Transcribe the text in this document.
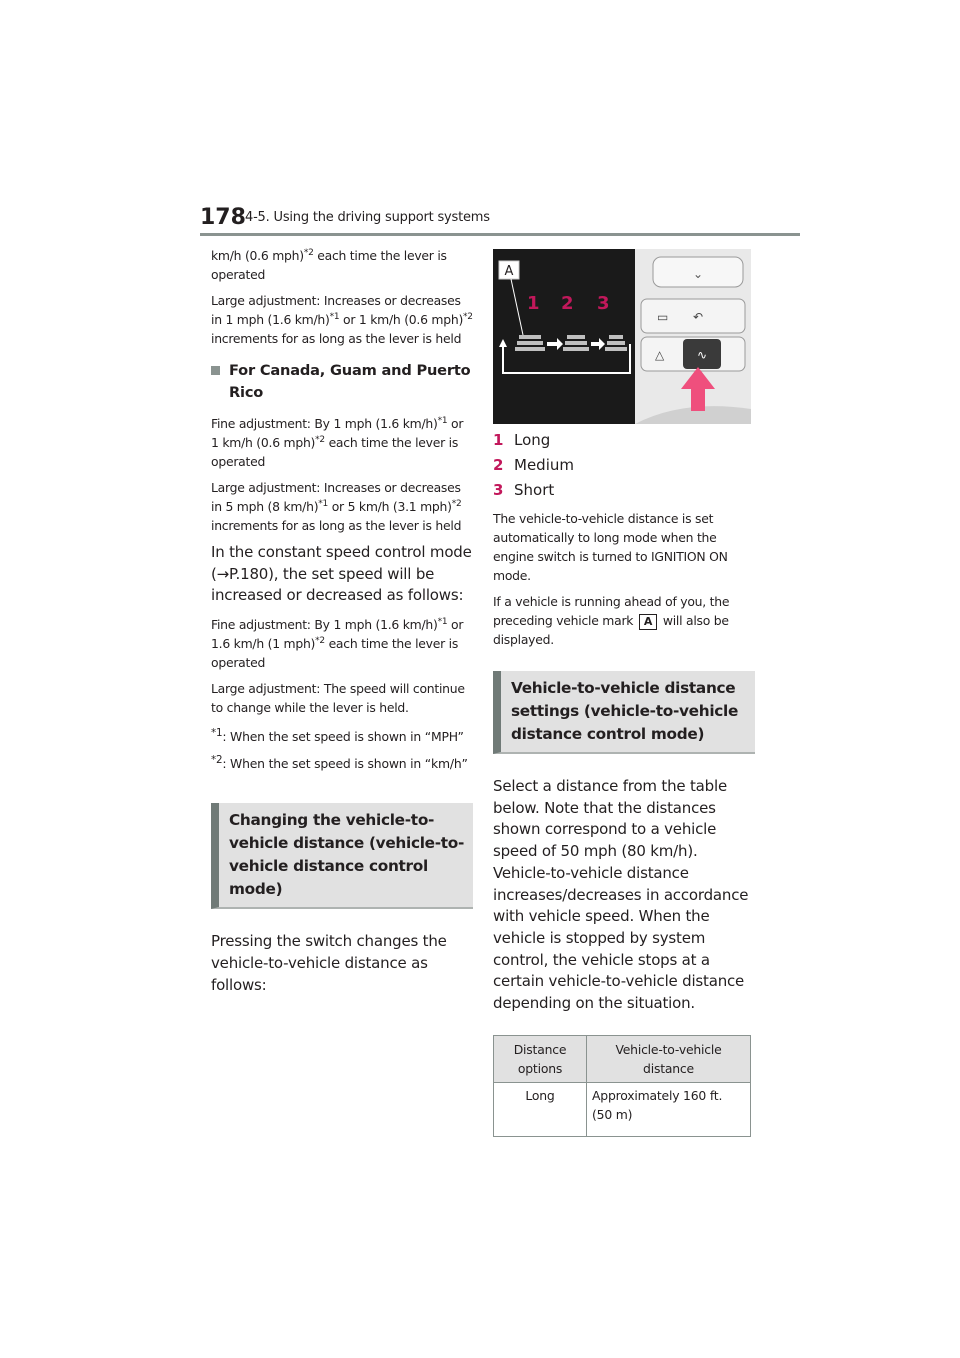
178 4-5. Using the driving support systems

km/h (0.6 mph)$^{*2}$ each time the lever is operated

Large adjustment: Increases or decreases in 1 mph (1.6 km/h)$^{*1}$ or 1 km/h (0.6 mph)$^{*2}$ increments for as long as the lever is held

For Canada, Guam and Puerto Rico

Fine adjustment: By 1 mph (1.6 km/h)$^{*1}$ or 1 km/h (0.6 mph)$^{*2}$ each time the lever is operated

Large adjustment: Increases or decreases in 5 mph (8 km/h)$^{*1}$ or 5 km/h (3.1 mph)$^{*2}$ increments for as long as the lever is held

In the constant speed control mode (→P.180), the set speed will be increased or decreased as follows:

Fine adjustment: By 1 mph (1.6 km/h)$^{*1}$ or 1.6 km/h (1 mph)$^{*2}$ each time the lever is operated

Large adjustment: The speed will continue to change while the lever is held.

$^{*1}$: When the set speed is shown in “MPH”

$^{*2}$: When the set speed is shown in “km/h”

Changing the vehicle-to-vehicle distance (vehicle-to-vehicle distance control mode)

Pressing the switch changes the vehicle-to-vehicle distance as follows:

A
1 2 3
⌄
∿
▭ ↶
△
1 Long
2 Medium
3 Short

The vehicle-to-vehicle distance is set automatically to long mode when the engine switch is turned to IGNITION ON mode.

If a vehicle is running ahead of you, the preceding vehicle mark A will also be displayed.

Vehicle-to-vehicle distance settings (vehicle-to-vehicle distance control mode)

Select a distance from the table below. Note that the distances shown correspond to a vehicle speed of 50 mph (80 km/h). Vehicle-to-vehicle distance increases/decreases in accordance with vehicle speed. When the vehicle is stopped by system control, the vehicle stops at a certain vehicle-to-vehicle distance depending on the situation.

Distance options	Vehicle-to-vehicle distance
Long	Approximately 160 ft. (50 m)
